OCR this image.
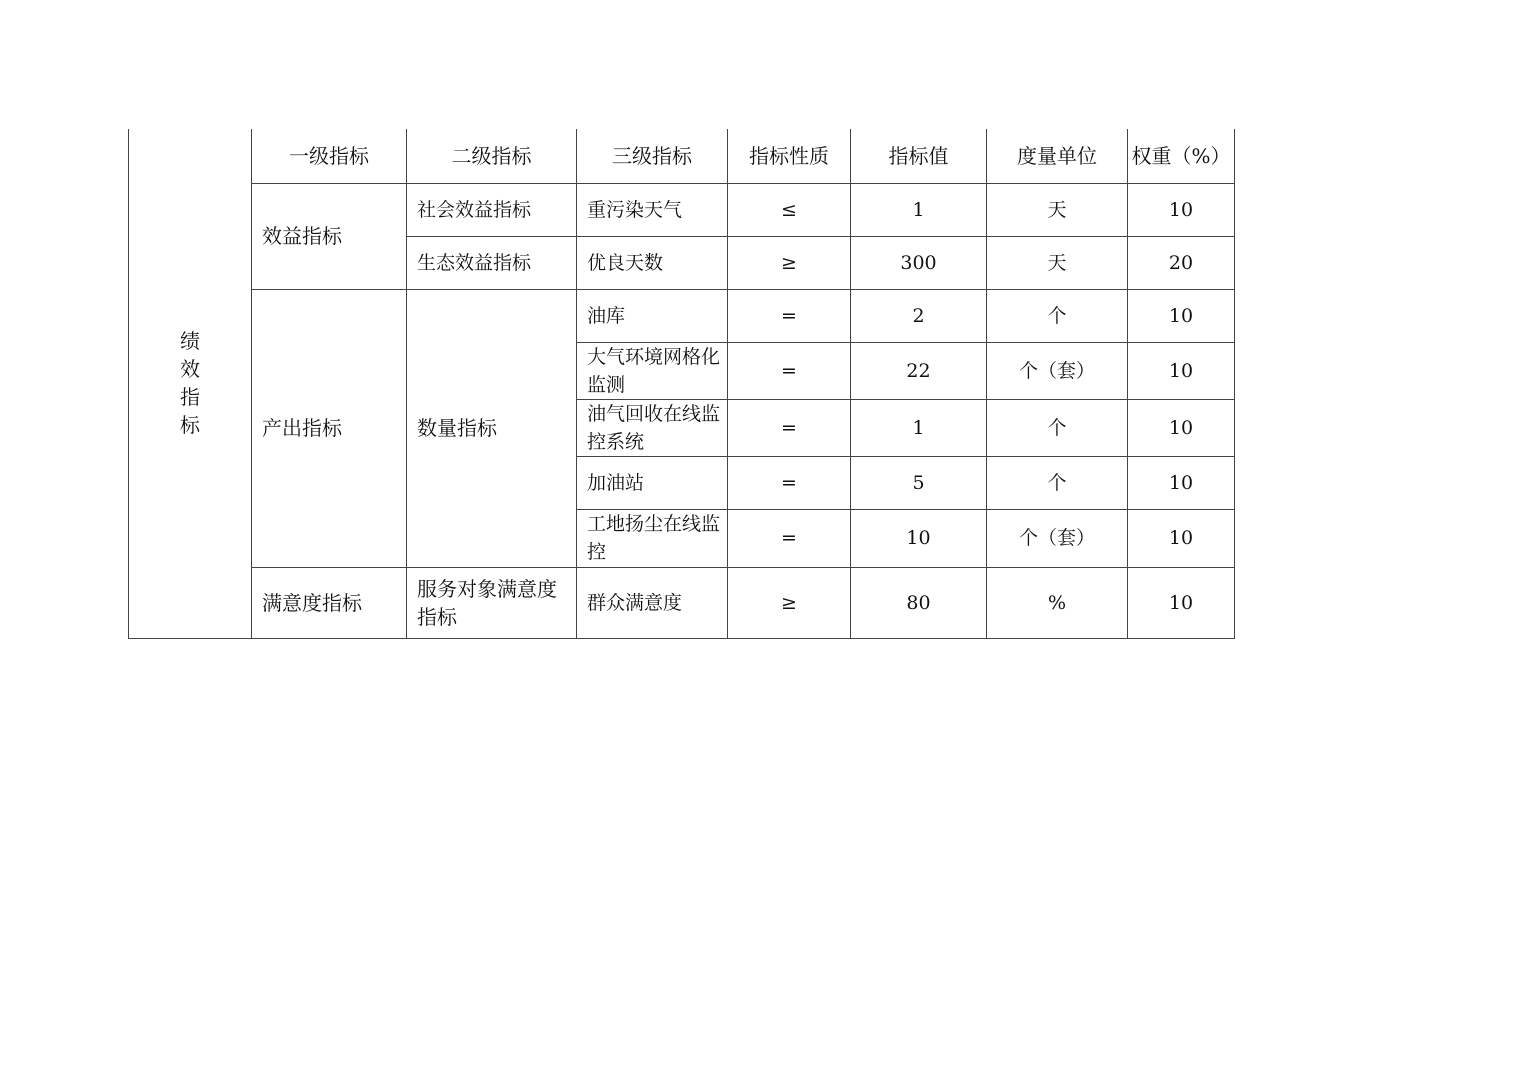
绩效指标	一级指标	二级指标	三级指标	指标性质	指标值	度量单位	权重（%）
	效益指标	社会效益指标	重污染天气	≤	1	天	10
		生态效益指标	优良天数	≥	300	天	20
	产出指标	数量指标	油库	=	2	个	10
			大气环境网格化监测	=	22	个（套）	10
			油气回收在线监控系统	=	1	个	10
			加油站	=	5	个	10
			工地扬尘在线监控	=	10	个（套）	10
	满意度指标	服务对象满意度指标	群众满意度	≥	80	%	10
